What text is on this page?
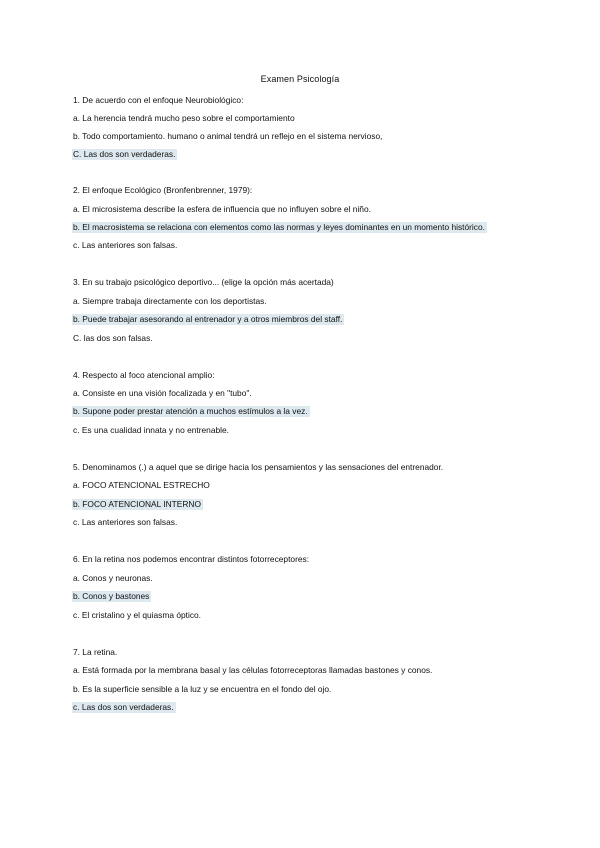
Examen Psicología
1. De acuerdo con el enfoque Neurobiológico:
a. La herencia tendrá mucho peso sobre el comportamiento
b. Todo comportamiento. humano o animal tendrá un reflejo en el sistema nervioso,
C. Las dos son verdaderas.
2. El enfoque Ecológico (Bronfenbrenner, 1979):
a. El microsistema describe la esfera de influencia que no influyen sobre el niño.
b. El macrosistema se relaciona con elementos como las normas y leyes dominantes en un momento histórico.
c. Las anteriores son falsas.
3. En su trabajo psicológico deportivo... (elige la opción más acertada)
a. Siempre trabaja directamente con los deportistas.
b. Puede trabajar asesorando al entrenador y a otros miembros del staff.
C. las dos son falsas.
4. Respecto al foco atencional amplio:
a. Consiste en una visión focalizada y en "tubo".
b. Supone poder prestar atención a muchos estímulos a la vez.
c. Es una cualidad innata y no entrenable.
5. Denominamos (.) a aquel que se dirige hacia los pensamientos y las sensaciones del entrenador.
a. FOCO ATENCIONAL ESTRECHO
b. FOCO ATENCIONAL INTERNO
c. Las anteriores son falsas.
6. En la retina nos podemos encontrar distintos fotorreceptores:
a. Conos y neuronas.
b. Conos y bastones
c. El cristalino y el quiasma óptico.
7. La retina.
a. Está formada por la membrana basal y las células fotorreceptoras llamadas bastones y conos.
b. Es la superficie sensible a la luz y se encuentra en el fondo del ojo.
c. Las dos son verdaderas.
